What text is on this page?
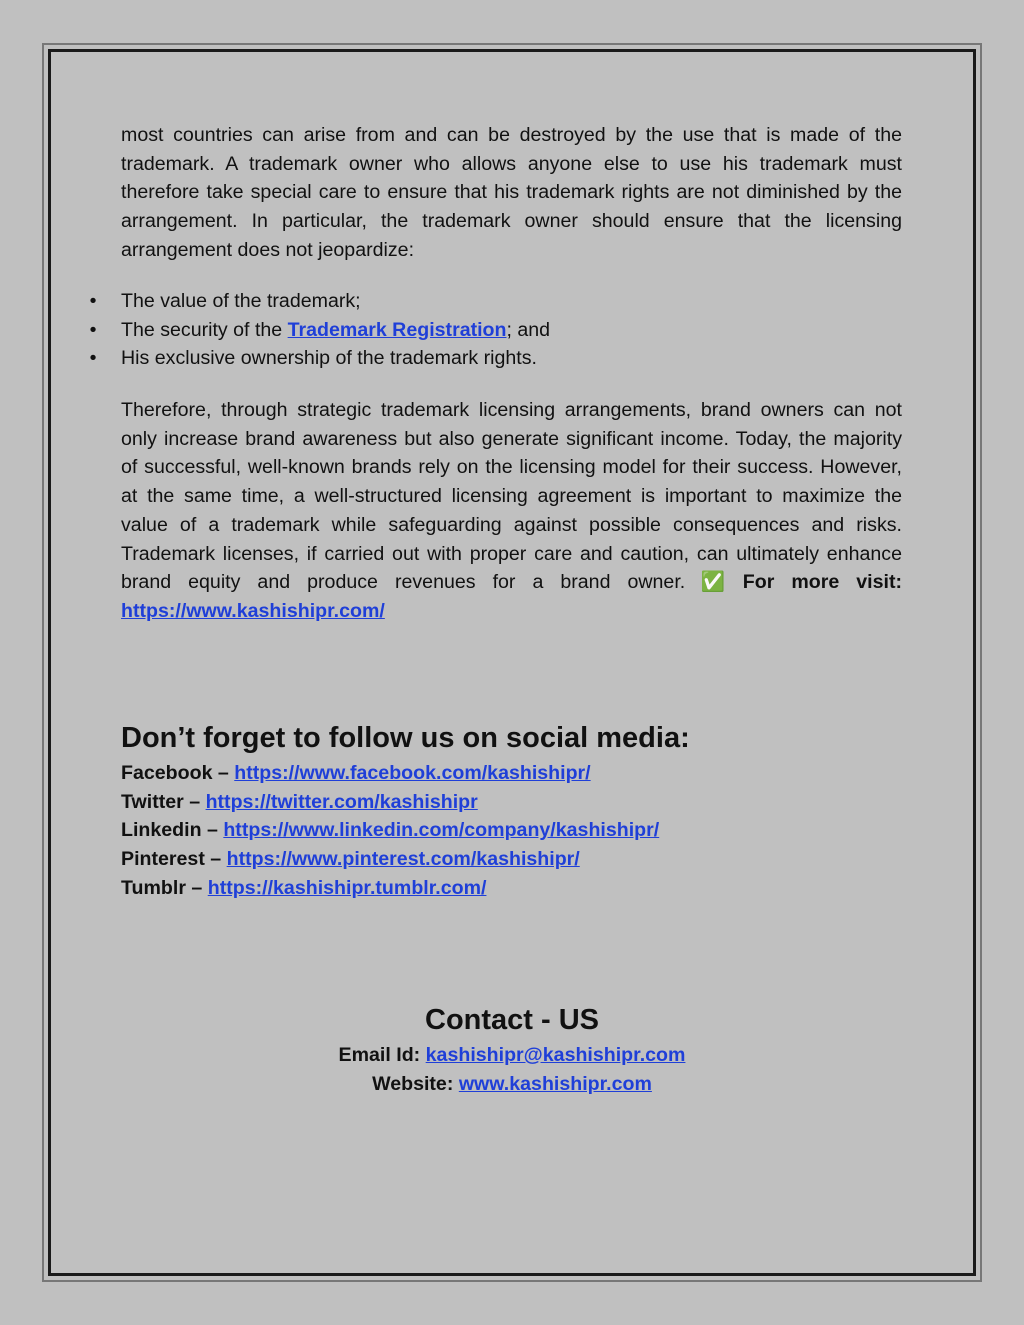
most countries can arise from and can be destroyed by the use that is made of the trademark. A trademark owner who allows anyone else to use his trademark must therefore take special care to ensure that his trademark rights are not diminished by the arrangement. In particular, the trademark owner should ensure that the licensing arrangement does not jeopardize:

• The value of the trademark;
• The security of the Trademark Registration; and
• His exclusive ownership of the trademark rights.

Therefore, through strategic trademark licensing arrangements, brand owners can not only increase brand awareness but also generate significant income. Today, the majority of successful, well-known brands rely on the licensing model for their success. However, at the same time, a well-structured licensing agreement is important to maximize the value of a trademark while safeguarding against possible consequences and risks. Trademark licenses, if carried out with proper care and caution, can ultimately enhance brand equity and produce revenues for a brand owner. ✅ For more visit: https://www.kashishipr.com/

Don’t forget to follow us on social media:
Facebook – https://www.facebook.com/kashishipr/
Twitter – https://twitter.com/kashishipr
Linkedin – https://www.linkedin.com/company/kashishipr/
Pinterest – https://www.pinterest.com/kashishipr/
Tumblr – https://kashishipr.tumblr.com/
Contact - US
Email Id: kashishipr@kashishipr.com
Website: www.kashishipr.com
